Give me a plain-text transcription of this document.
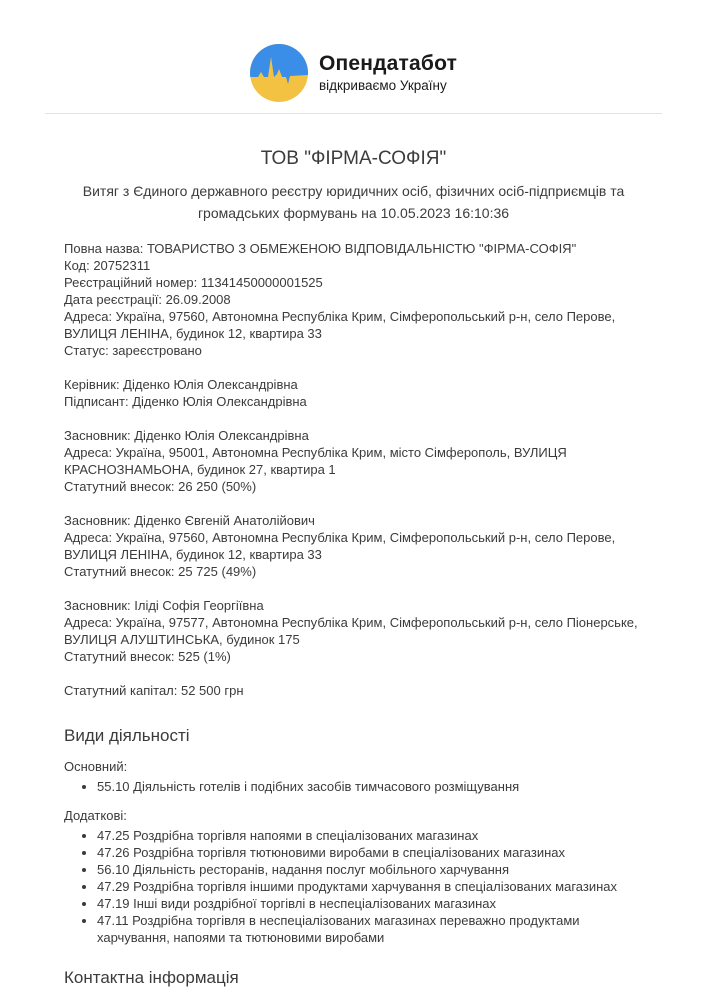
Опендатабот
відкриваємо Україну
ТОВ "ФІРМА-СОФІЯ"

Витяг з Єдиного державного реєстру юридичних осіб, фізичних осіб-підприємців та громадських формувань на 10.05.2023 16:10:36

Повна назва: ТОВАРИСТВО З ОБМЕЖЕНОЮ ВІДПОВІДАЛЬНІСТЮ "ФІРМА-СОФІЯ"
Код: 20752311
Реєстраційний номер: 11341450000001525
Дата реєстрації: 26.09.2008
Адреса: Україна, 97560, Автономна Республіка Крим, Сімферопольський р-н, село Перове, ВУЛИЦЯ ЛЕНІНА, будинок 12, квартира 33
Статус: зареєстровано
Керівник: Діденко Юлія Олександрівна
Підписант: Діденко Юлія Олександрівна
Засновник: Діденко Юлія Олександрівна
Адреса: Україна, 95001, Автономна Республіка Крим, місто Сімферополь, ВУЛИЦЯ КРАСНОЗНАМЬОНА, будинок 27, квартира 1
Статутний внесок: 26 250 (50%)
Засновник: Діденко Євгеній Анатолійович
Адреса: Україна, 97560, Автономна Республіка Крим, Сімферопольський р-н, село Перове, ВУЛИЦЯ ЛЕНІНА, будинок 12, квартира 33
Статутний внесок: 25 725 (49%)
Засновник: Іліді Софія Георгіївна
Адреса: Україна, 97577, Автономна Республіка Крим, Сімферопольський р-н, село Піонерське, ВУЛИЦЯ АЛУШТИНСЬКА, будинок 175
Статутний внесок: 525 (1%)
Статутний капітал: 52 500 грн
Види діяльності

Основний:

• 55.10 Діяльність готелів і подібних засобів тимчасового розміщування

Додаткові:

• 47.25 Роздрібна торгівля напоями в спеціалізованих магазинах
• 47.26 Роздрібна торгівля тютюновими виробами в спеціалізованих магазинах
• 56.10 Діяльність ресторанів, надання послуг мобільного харчування
• 47.29 Роздрібна торгівля іншими продуктами харчування в спеціалізованих магазинах
• 47.19 Інші види роздрібної торгівлі в неспеціалізованих магазинах
• 47.11 Роздрібна торгівля в неспеціалізованих магазинах переважно продуктами харчування, напоями та тютюновими виробами
Контактна інформація
